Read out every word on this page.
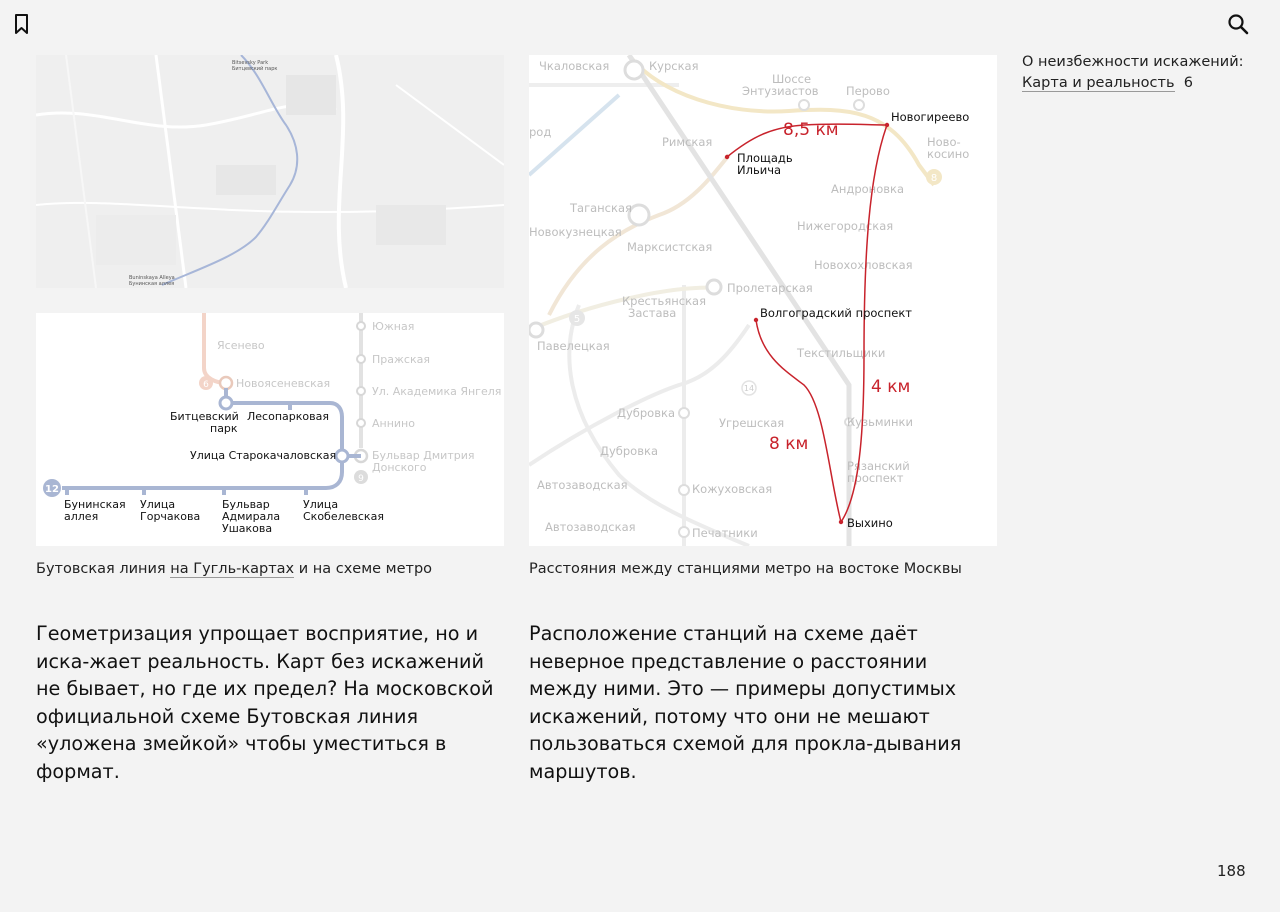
О неизбежности искажений:
Карта и реальность 6
Bitsevsky Park
Битцевский парк
Buninskaya Alleya
Бунинская аллея
6
9
12
Ясенево
Новоясеневская
Южная
Пражская
Ул. Академика Янгеля
Аннино
Бульвар Дмитрия
Донского
Битцевский
парк
Лесопарковая
Улица Старокачаловская
Бунинская
аллея
Улица
Горчакова
Бульвар
Адмирала
Ушакова
Улица
Скобелевская
5
8
14
Чкаловская	Курская
Шоссе
Энтузиастов Перово
Римская
Таганская
Марксистская
Новокузнецкая
Пролетарская
Крестьянская
Застава
Павелецкая
Дубровка
Угрешская
Автозаводская	Кожуховская
Печатники
Андроновка
Нижегородская
Новохохловская
Текстильщики
Кузьминки
Рязанский
проспект
Ново-
косино
Дубровка
Автозаводская
род	8,5 км
4 км
8 км
Новогиреево
Площадь
Ильича
Волгоградский проспект
Выхино
Бутовская линия на Гугль-картах и на схеме метро	Расстояния между станциями метро на востоке Москвы

Геометризация упрощает восприятие, но и иска-жает реальность. Карт без искажений не бывает, но где их предел? На московской официальной схеме Бутовская линия «уложена змейкой» чтобы уместиться в формат.

Расположение станций на схеме даёт неверное представление о расстоянии между ними. Это — примеры допустимых искажений, потому что они не мешают пользоваться схемой для прокла-дывания маршутов.

188
